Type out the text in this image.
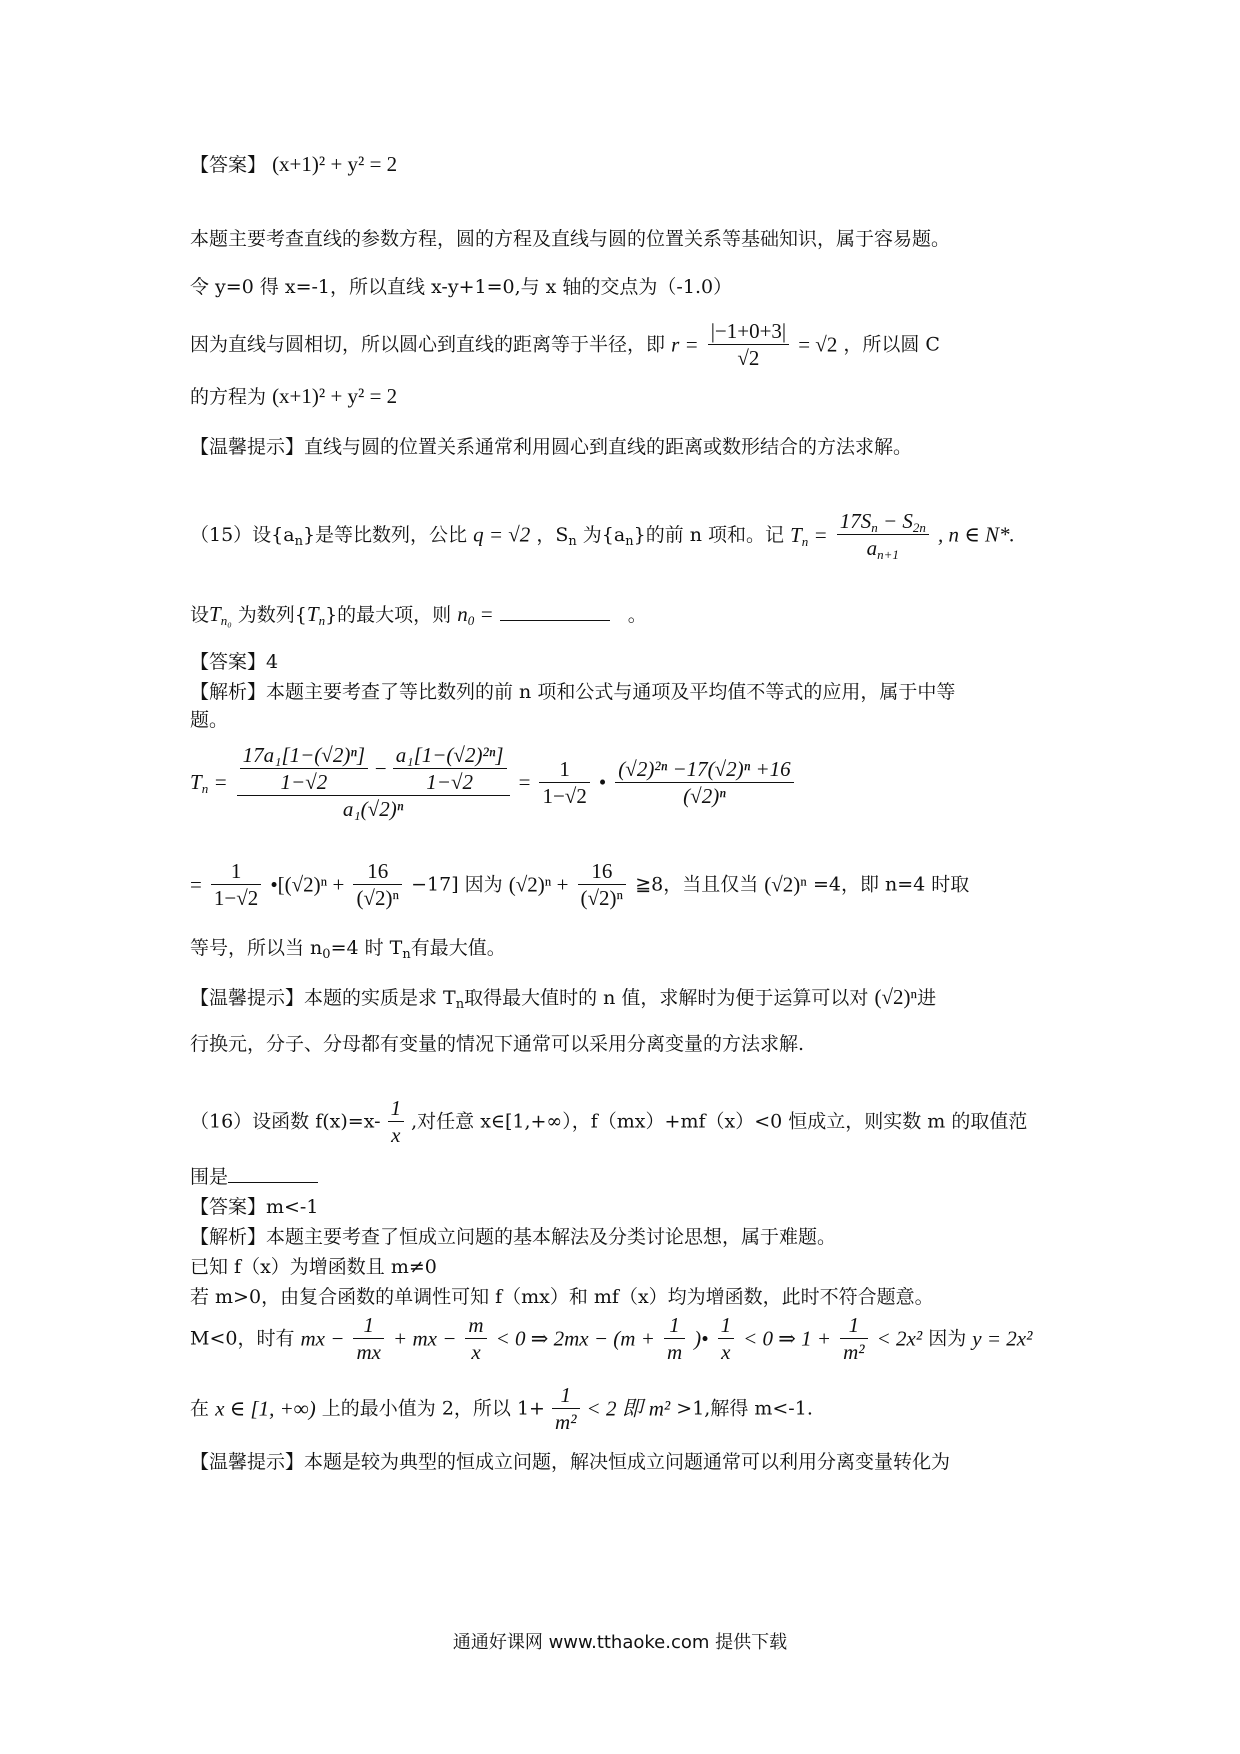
【答案】 (x+1)² + y² = 2
本题主要考查直线的参数方程，圆的方程及直线与圆的位置关系等基础知识，属于容易题。
令 y=0 得 x=-1，所以直线 x-y+1=0,与 x 轴的交点为（-1.0）
因为直线与圆相切，所以圆心到直线的距离等于半径，即 $r = \frac{|-1+0+3|}{√2} = √2$ ，所以圆 C
的方程为 (x+1)² + y² = 2
【温馨提示】直线与圆的位置关系通常利用圆心到直线的距离或数形结合的方法求解。
（15）设$\{a_n\}$是等比数列，公比 q = √2 ，$S_n$ 为$\{a_n\}$的前 n 项和。记 $T_n = \frac{17S_n - S_{2n}}{a_{n+1}}$ , n ∈ N*.
设$T_{n_0}$ 为数列$\{T_n\}$的最大项，则 $n_0$ =	。
【答案】4
【解析】本题主要考查了等比数列的前 n 项和公式与通项及平均值不等式的应用，属于中等
题。
$T_n = \frac{\frac{\text{17a₁[1−(√2)ⁿ]}}{1-√2} - \frac{\text{a₁[1−(√2)²ⁿ]}}{1-√2}}{\text{a₁(√2)ⁿ}} = \frac{1}{1-√2}$ • $\frac{\text{(√2)²ⁿ −17(√2)ⁿ +16}}{\text{(√2)ⁿ}}$
= $\frac{1}{1-√2}$ •[(√2)ⁿ + $\frac{16}{\text{(√2)ⁿ}} -17$] 因为 $(√2)^n + \frac{16}{\text{(√2)ⁿ}}$ ≧8，当且仅当 (√2)ⁿ =4，即 n=4 时取
等号，所以当 $n_0=4$ 时 $T_n$有最大值。
【温馨提示】本题的实质是求 $T_n$取得最大值时的 n 值，求解时为便于运算可以对 (√2)ⁿ进
行换元，分子、分母都有变量的情况下通常可以采用分离变量的方法求解.
（16）设函数 $f(x)=x- \frac{1}{x}$ ,对任意 x∈[1,+∞），f（mx）+mf（x）<0 恒成立，则实数 m 的取值范
围是
【答案】m<-1
【解析】本题主要考查了恒成立问题的基本解法及分类讨论思想，属于难题。
已知 f（x）为增函数且 m≠0
若 m>0，由复合函数的单调性可知 f（mx）和 mf（x）均为增函数，此时不符合题意。
M<0，时有 mx − $\frac{1}{mx}$ + mx − $\frac{m}{x} < 0$ ⇒ $2mx - (m + \frac{1}{m}$ )• $\frac{1}{x} < 0$ ⇒ $1 + \frac{1}{\text{m²}} < 2x^2$ 因为 y = 2x²
在 x ∈ [1, +∞) 上的最小值为 2，所以 $1+ \frac{1}{\text{m²}} < 2$ 即 m² >1,解得 m<-1.
【温馨提示】本题是较为典型的恒成立问题，解决恒成立问题通常可以利用分离变量转化为
通通好课网 www.tthaoke.com 提供下载
